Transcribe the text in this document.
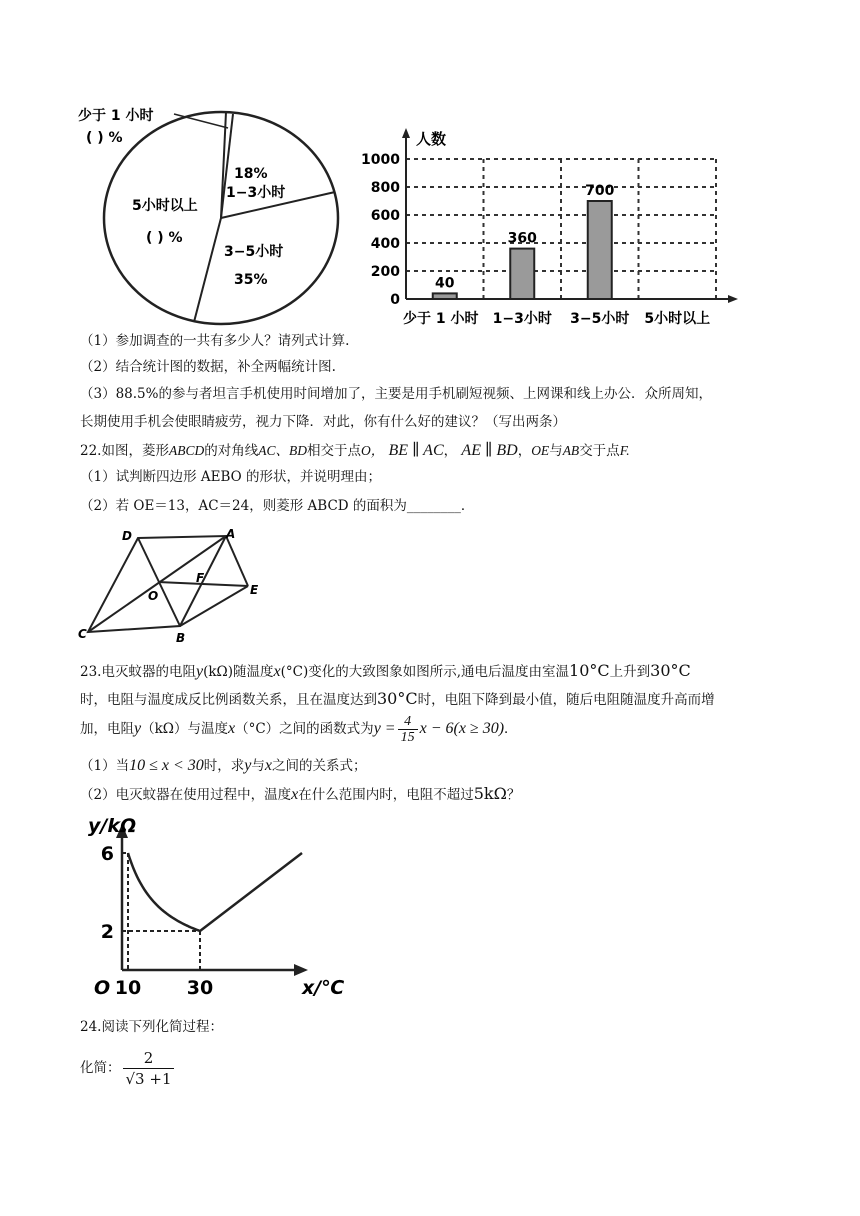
少于 1 小时
( ) %
18%
1−3小时
5小时以上
( ) %
3−5小时
35%
人数
0
200
400
600
800
1000
40
360
700
少于 1 小时 1−3小时 3−5小时 5小时以上
（1）参加调查的一共有多少人？请列式计算.
（2）结合统计图的数据，补全两幅统计图.
（3）88.5%的参与者坦言手机使用时间增加了，主要是用手机刷短视频、上网课和线上办公．众所周知，
长期使用手机会使眼睛疲劳，视力下降．对此，你有什么好的建议？（写出两条）
22.如图，菱形ABCD的对角线AC、BD相交于点O， BE ∥ AC， AE ∥ BD，OE与AB交于点F.
（1）试判断四边形 AEBO 的形状，并说明理由；
（2）若 OE＝13，AC＝24，则菱形 ABCD 的面积为________．
D	A
F
O	E
C	B
23.电灭蚊器的电阻y(kΩ)随温度x(°C)变化的大致图象如图所示,通电后温度由室温10°C上升到30°C
时，电阻与温度成反比例函数关系，且在温度达到30°C时，电阻下降到最小值，随后电阻随温度升高而增
加，电阻y（kΩ）与温度x（°C）之间的函数式为$y = \frac{4}{15}$ x − 6(x ≥ 30)．
（1）当10 ≤ x < 30时，求y与x之间的关系式；
（2）电灭蚊器在使用过程中，温度x在什么范围内时，电阻不超过5kΩ？
y/kΩ
x/℃
O 10 30
6
2
24.阅读下列化简过程：
化简： $\frac{2}{√3 +1}$
